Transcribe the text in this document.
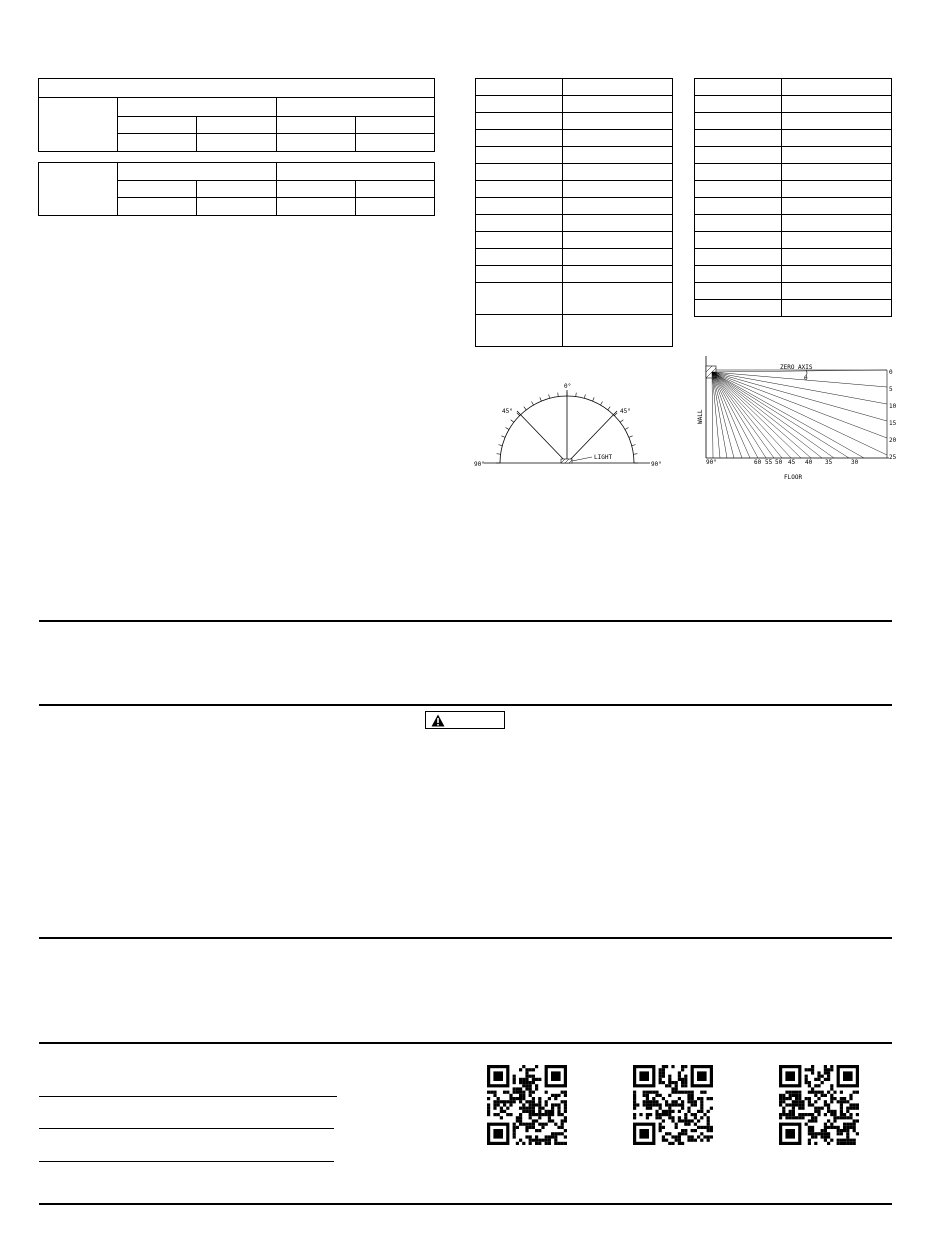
0°
45°	45°
90°	90°
LIGHT
0
5
10
15
20
25
90°	60 55 50 45 40 35	30
ZERO AXIS
θ
WALL
FLOOR
